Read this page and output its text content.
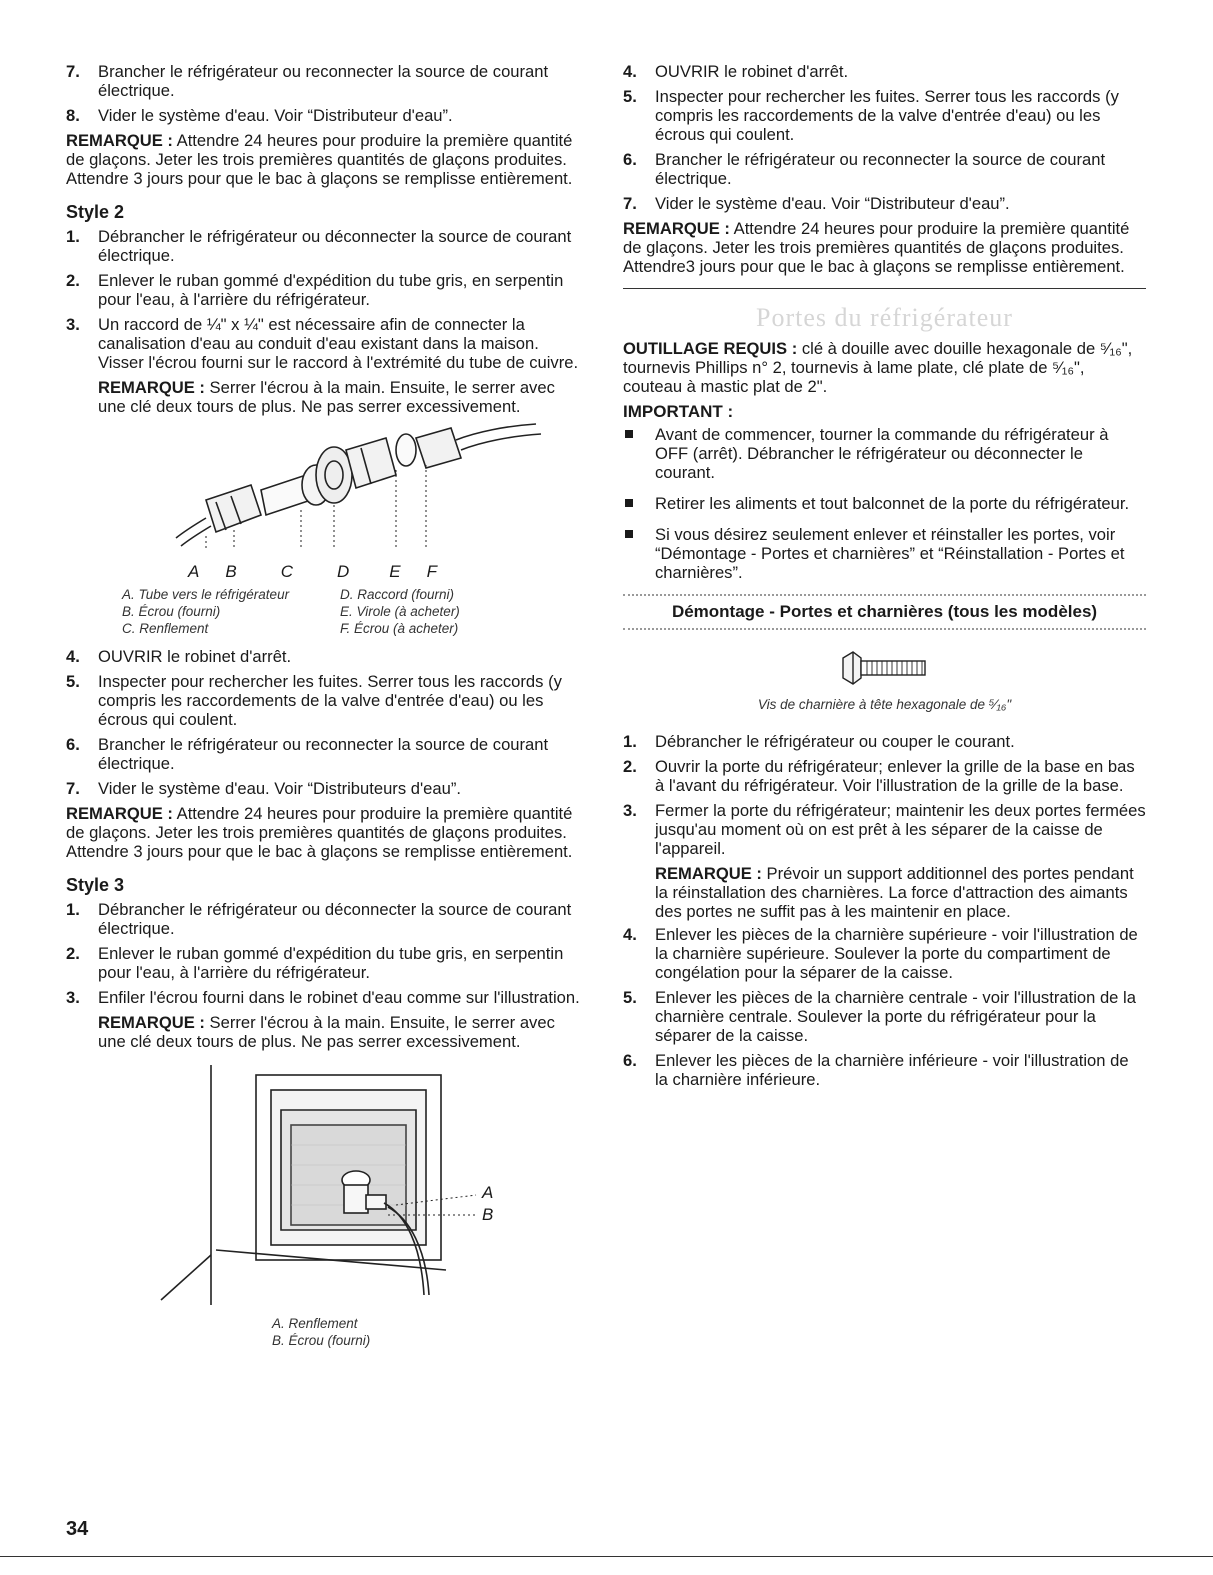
7. Brancher le réfrigérateur ou reconnecter la source de courant électrique.

8. Vider le système d'eau. Voir “Distributeur d'eau”.

REMARQUE : Attendre 24 heures pour produire la première quantité de glaçons. Jeter les trois premières quantités de glaçons produites. Attendre 3 jours pour que le bac à glaçons se remplisse entièrement.

Style 2
1. Débrancher le réfrigérateur ou déconnecter la source de courant électrique.

2. Enlever le ruban gommé d'expédition du tube gris, en serpentin pour l'eau, à l'arrière du réfrigérateur.

3. Un raccord de ¼" x ¼" est nécessaire afin de connecter la canalisation d'eau au conduit d'eau existant dans la maison. Visser l'écrou fourni sur le raccord à l'extrémité du tube de cuivre.

REMARQUE : Serrer l'écrou à la main. Ensuite, le serrer avec une clé deux tours de plus. Ne pas serrer excessivement.

A B	C	D E F
A. Tube vers le réfrigérateur	D. Raccord (fourni)
B. Écrou (fourni)	E. Virole (à acheter)
C. Renflement	F. Écrou (à acheter)
4. OUVRIR le robinet d'arrêt.

5. Inspecter pour rechercher les fuites. Serrer tous les raccords (y compris les raccordements de la valve d'entrée d'eau) ou les écrous qui coulent.

6. Brancher le réfrigérateur ou reconnecter la source de courant électrique.

7. Vider le système d'eau. Voir “Distributeurs d'eau”.

REMARQUE : Attendre 24 heures pour produire la première quantité de glaçons. Jeter les trois premières quantités de glaçons produites. Attendre 3 jours pour que le bac à glaçons se remplisse entièrement.

Style 3
1. Débrancher le réfrigérateur ou déconnecter la source de courant électrique.

2. Enlever le ruban gommé d'expédition du tube gris, en serpentin pour l'eau, à l'arrière du réfrigérateur.

3. Enfiler l'écrou fourni dans le robinet d'eau comme sur l'illustration.

REMARQUE : Serrer l'écrou à la main. Ensuite, le serrer avec une clé deux tours de plus. Ne pas serrer excessivement.

A
B
A. Renflement
B. Écrou (fourni)
4. OUVRIR le robinet d'arrêt.

5. Inspecter pour rechercher les fuites. Serrer tous les raccords (y compris les raccordements de la valve d'entrée d'eau) ou les écrous qui coulent.

6. Brancher le réfrigérateur ou reconnecter la source de courant électrique.

7. Vider le système d'eau. Voir “Distributeur d'eau”.

REMARQUE : Attendre 24 heures pour produire la première quantité de glaçons. Jeter les trois premières quantités de glaçons produites. Attendre3 jours pour que le bac à glaçons se remplisse entièrement.

Portes du réfrigérateur

OUTILLAGE REQUIS : clé à douille avec douille hexagonale de ⁵⁄₁₆", tournevis Phillips n° 2, tournevis à lame plate, clé plate de ⁵⁄₁₆", couteau à mastic plat de 2".

IMPORTANT :

Avant de commencer, tourner la commande du réfrigérateur à OFF (arrêt). Débrancher le réfrigérateur ou déconnecter le courant.

Retirer les aliments et tout balconnet de la porte du réfrigérateur.

Si vous désirez seulement enlever et réinstaller les portes, voir “Démontage - Portes et charnières” et “Réinstallation - Portes et charnières”.

Démontage - Portes et charnières (tous les modèles)
Vis de charnière à tête hexagonale de ⁵⁄₁₆"
1. Débrancher le réfrigérateur ou couper le courant.

2. Ouvrir la porte du réfrigérateur; enlever la grille de la base en bas à l'avant du réfrigérateur. Voir l'illustration de la grille de la base.

3. Fermer la porte du réfrigérateur; maintenir les deux portes fermées jusqu'au moment où on est prêt à les séparer de la caisse de l'appareil.

REMARQUE : Prévoir un support additionnel des portes pendant la réinstallation des charnières. La force d'attraction des aimants des portes ne suffit pas à les maintenir en place.

4. Enlever les pièces de la charnière supérieure - voir l'illustration de la charnière supérieure. Soulever la porte du compartiment de congélation pour la séparer de la caisse.

5. Enlever les pièces de la charnière centrale - voir l'illustration de la charnière centrale. Soulever la porte du réfrigérateur pour la séparer de la caisse.

6. Enlever les pièces de la charnière inférieure - voir l'illustration de la charnière inférieure.

34
